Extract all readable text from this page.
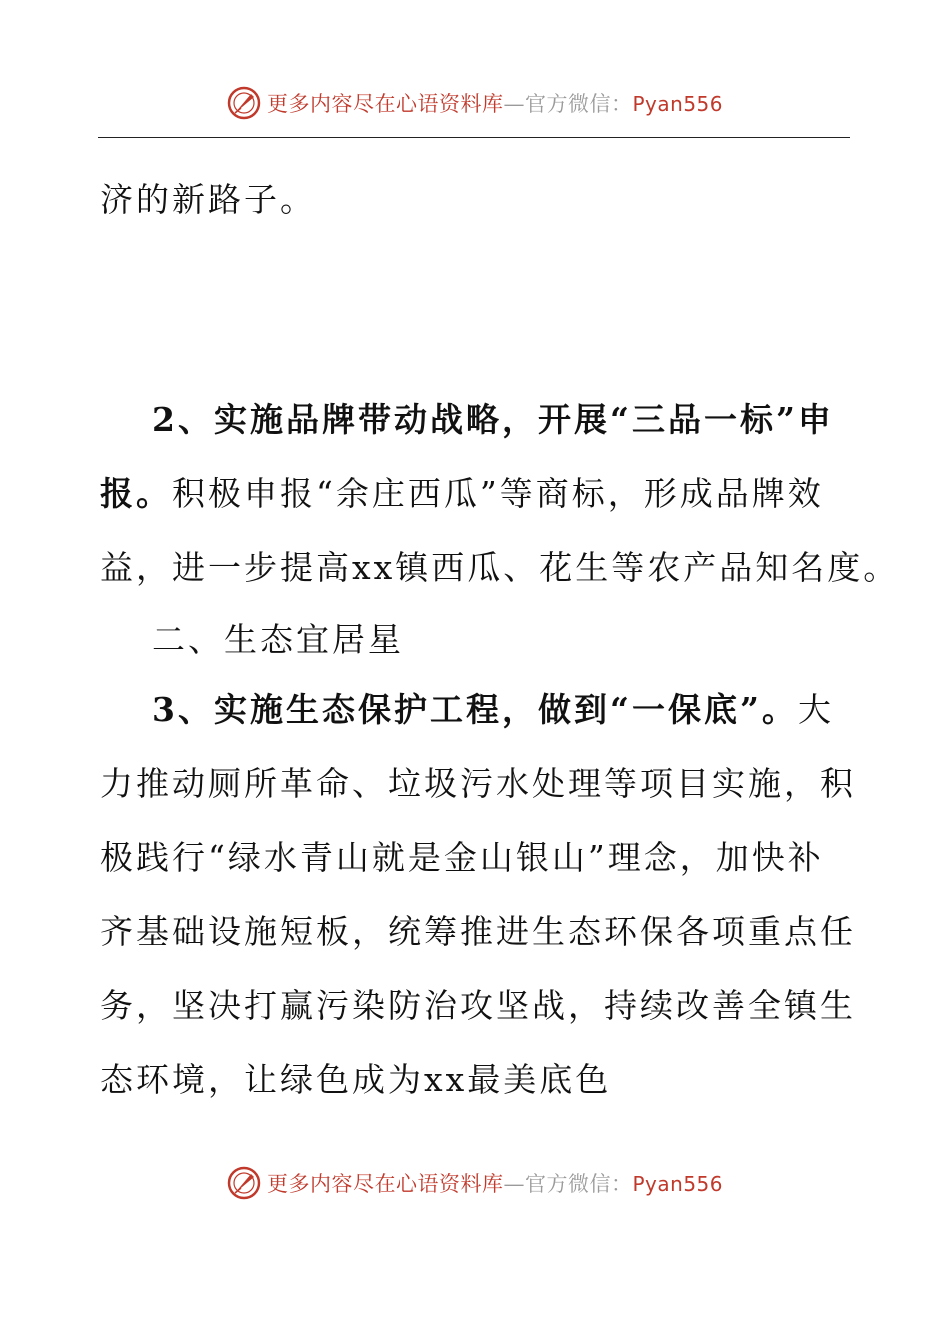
更多内容尽在心语资料库—官方微信：Pyan556
济的新路子。
2、实施品牌带动战略，开展“三品一标”申
报。积极申报“余庄西瓜”等商标，形成品牌效
益，进一步提高xx镇西瓜、花生等农产品知名度。
二、生态宜居星
3、实施生态保护工程，做到“一保底”。大
力推动厕所革命、垃圾污水处理等项目实施，积
极践行“绿水青山就是金山银山”理念，加快补
齐基础设施短板，统筹推进生态环保各项重点任
务，坚决打赢污染防治攻坚战，持续改善全镇生
态环境，让绿色成为xx最美底色
更多内容尽在心语资料库—官方微信：Pyan556
